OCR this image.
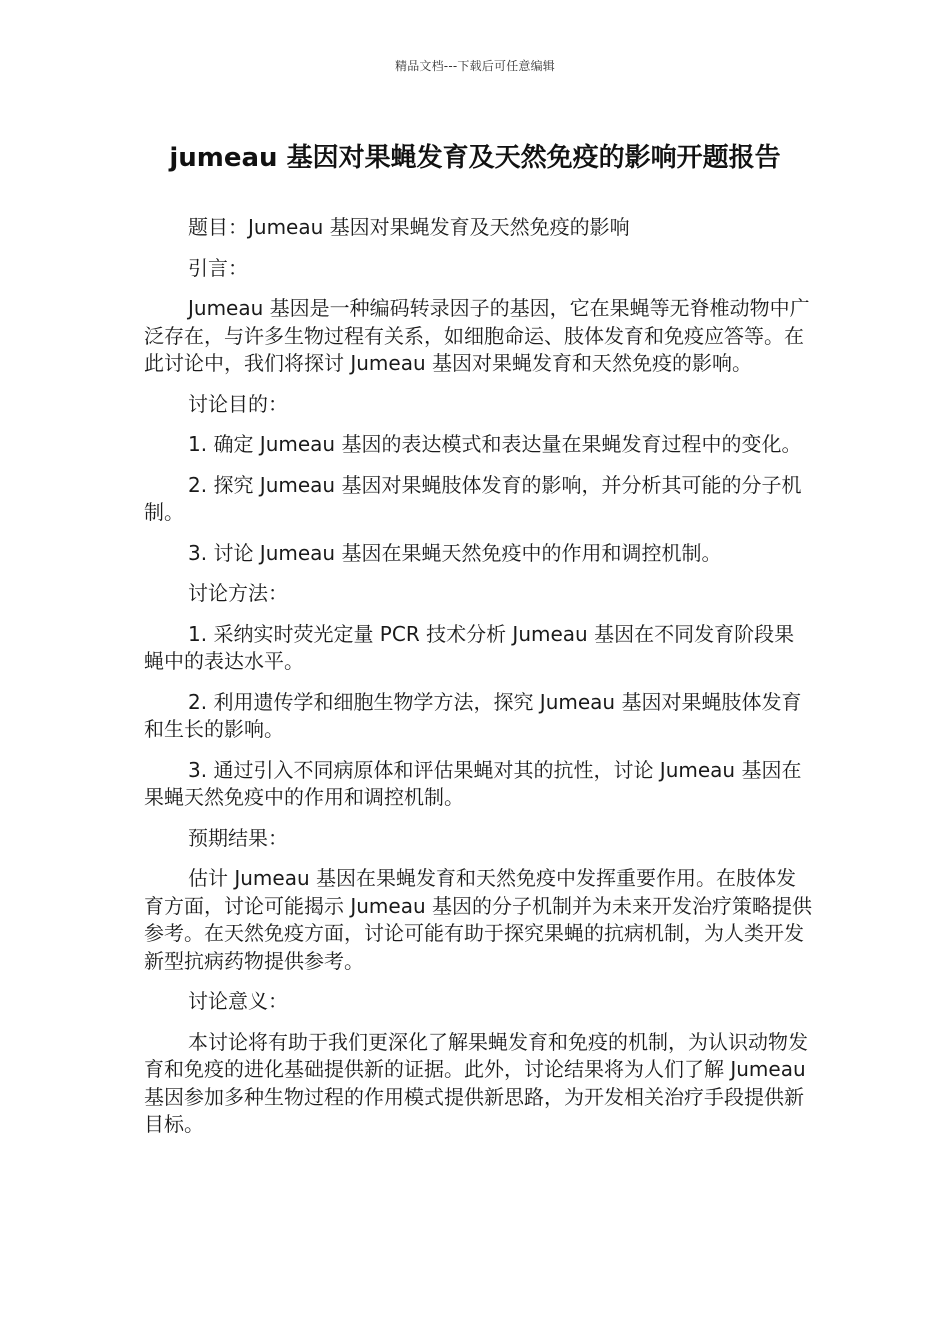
精品文档---下载后可任意编辑
jumeau 基因对果蝇发育及天然免疫的影响开题报告

题目：Jumeau 基因对果蝇发育及天然免疫的影响

引言：

Jumeau 基因是一种编码转录因子的基因，它在果蝇等无脊椎动物中广泛存在，与许多生物过程有关系，如细胞命运、肢体发育和免疫应答等。在此讨论中，我们将探讨 Jumeau 基因对果蝇发育和天然免疫的影响。

讨论目的：

1. 确定 Jumeau 基因的表达模式和表达量在果蝇发育过程中的变化。

2. 探究 Jumeau 基因对果蝇肢体发育的影响，并分析其可能的分子机制。

3. 讨论 Jumeau 基因在果蝇天然免疫中的作用和调控机制。

讨论方法：

1. 采纳实时荧光定量 PCR 技术分析 Jumeau 基因在不同发育阶段果蝇中的表达水平。

2. 利用遗传学和细胞生物学方法，探究 Jumeau 基因对果蝇肢体发育和生长的影响。

3. 通过引入不同病原体和评估果蝇对其的抗性，讨论 Jumeau 基因在果蝇天然免疫中的作用和调控机制。

预期结果：

估计 Jumeau 基因在果蝇发育和天然免疫中发挥重要作用。在肢体发育方面，讨论可能揭示 Jumeau 基因的分子机制并为未来开发治疗策略提供参考。在天然免疫方面，讨论可能有助于探究果蝇的抗病机制，为人类开发新型抗病药物提供参考。

讨论意义：

本讨论将有助于我们更深化了解果蝇发育和免疫的机制，为认识动物发育和免疫的进化基础提供新的证据。此外，讨论结果将为人们了解 Jumeau 基因参加多种生物过程的作用模式提供新思路，为开发相关治疗手段提供新目标。
